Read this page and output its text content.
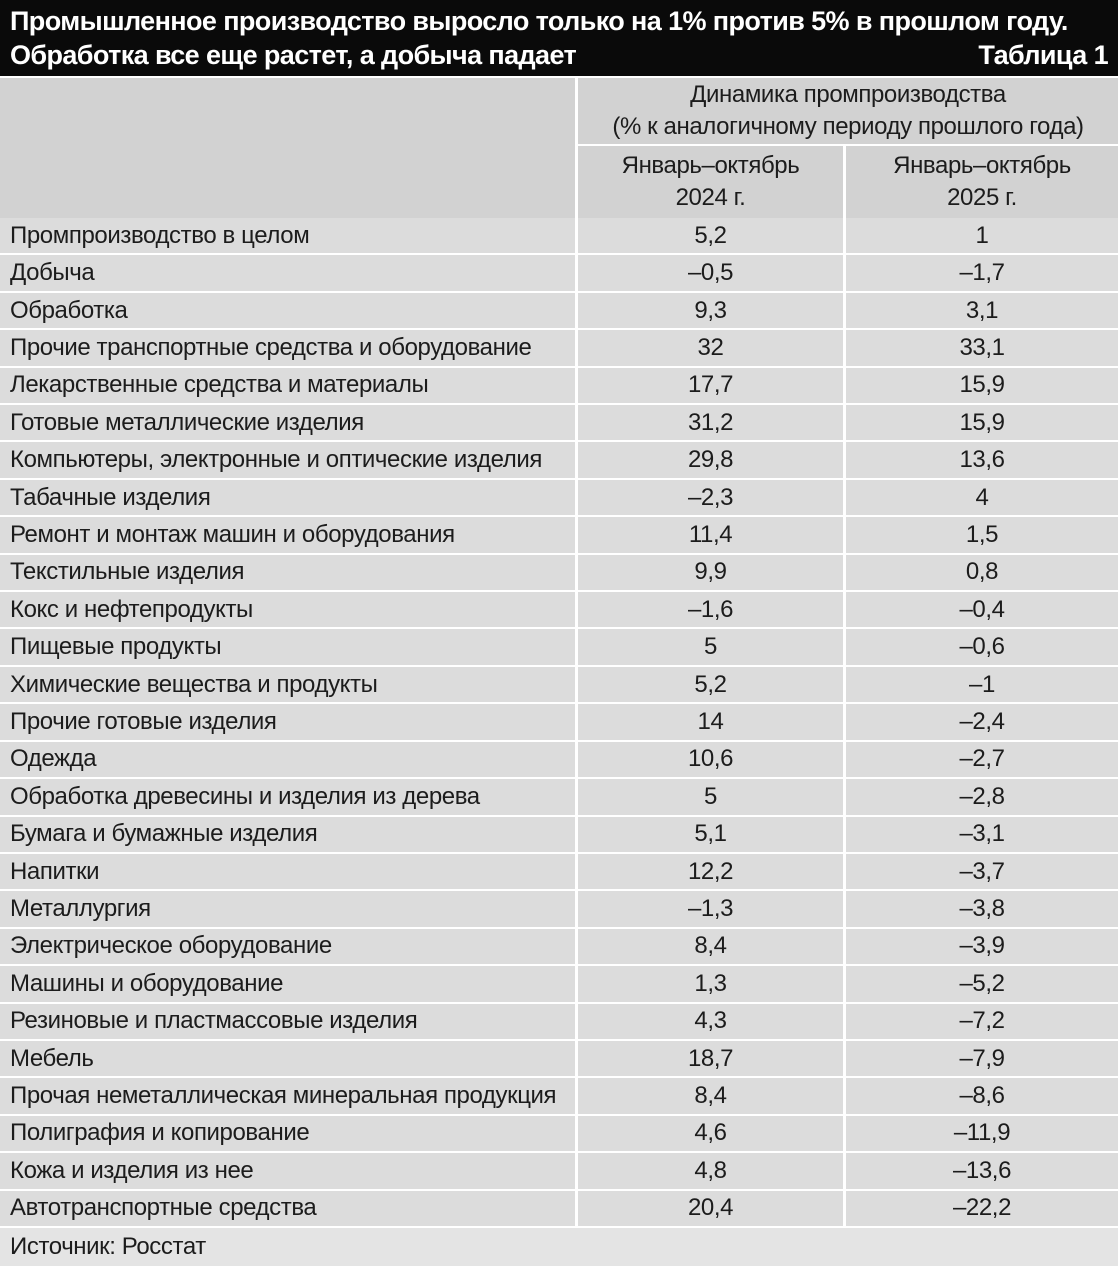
Промышленное производство выросло только на 1% против 5% в прошлом году.
Обработка все еще растет, а добыча падает	Таблица 1
Динамика промпроизводства
(% к аналогичному периоду прошлого года)
Январь–октябрь
2024 г.
Январь–октябрь
2025 г.
Промпроизводство в целом	5,2	1
Добыча	–0,5	–1,7
Обработка	9,3	3,1
Прочие транспортные средства и оборудование	32	33,1
Лекарственные средства и материалы	17,7	15,9
Готовые металлические изделия	31,2	15,9
Компьютеры, электронные и оптические изделия	29,8	13,6
Табачные изделия	–2,3	4
Ремонт и монтаж машин и оборудования	11,4	1,5
Текстильные изделия	9,9	0,8
Кокс и нефтепродукты	–1,6	–0,4
Пищевые продукты	5	–0,6
Химические вещества и продукты	5,2	–1
Прочие готовые изделия	14	–2,4
Одежда	10,6	–2,7
Обработка древесины и изделия из дерева	5	–2,8
Бумага и бумажные изделия	5,1	–3,1
Напитки	12,2	–3,7
Металлургия	–1,3	–3,8
Электрическое оборудование	8,4	–3,9
Машины и оборудование	1,3	–5,2
Резиновые и пластмассовые изделия	4,3	–7,2
Мебель	18,7	–7,9
Прочая неметаллическая минеральная продукция	8,4	–8,6
Полиграфия и копирование	4,6	–11,9
Кожа и изделия из нее	4,8	–13,6
Автотранспортные средства	20,4	–22,2
Источник: Росстат
